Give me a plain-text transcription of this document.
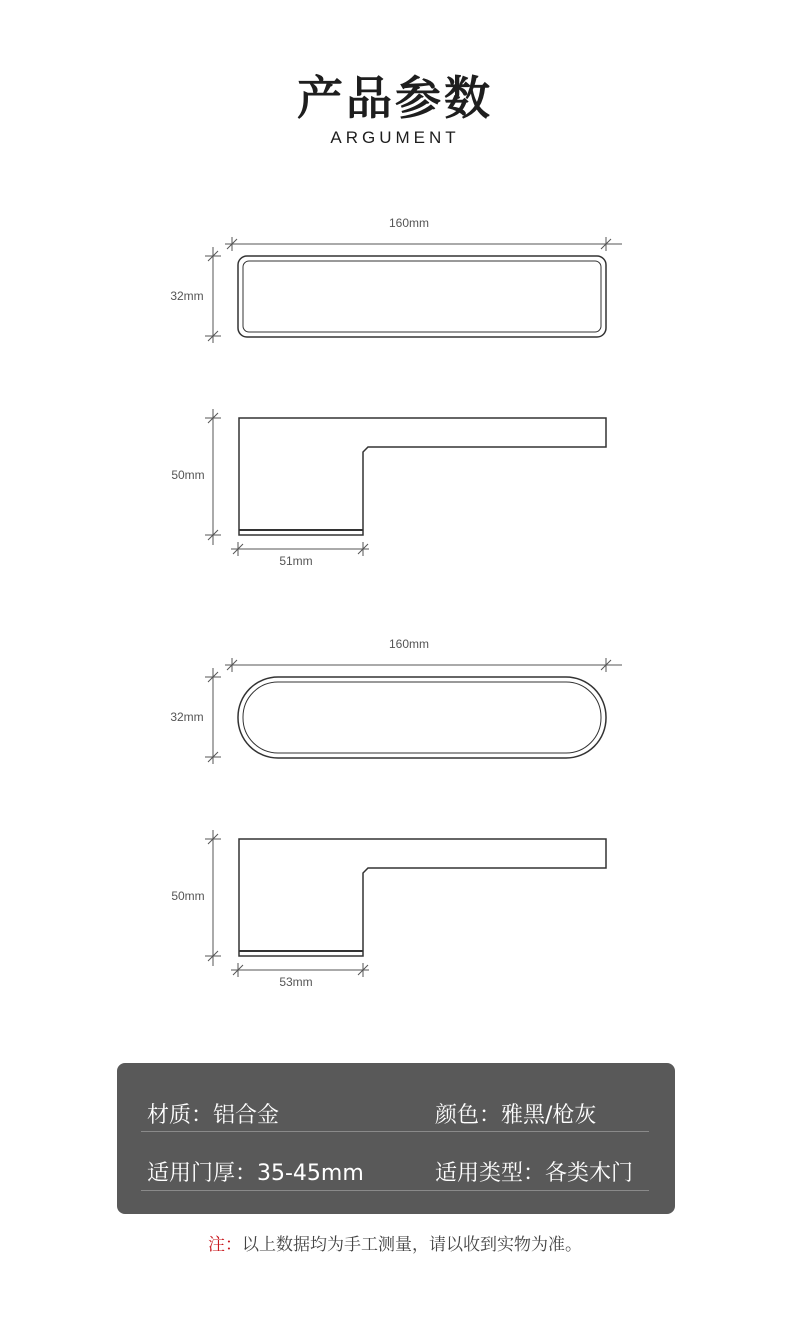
产品参数
ARGUMENT
160mm
32mm
50mm
51mm
160mm
32mm
50mm
53mm
材质：铝合金	颜色：雅黑/枪灰
适用门厚：35-45mm	适用类型：各类木门
注：以上数据均为手工测量，请以收到实物为准。
